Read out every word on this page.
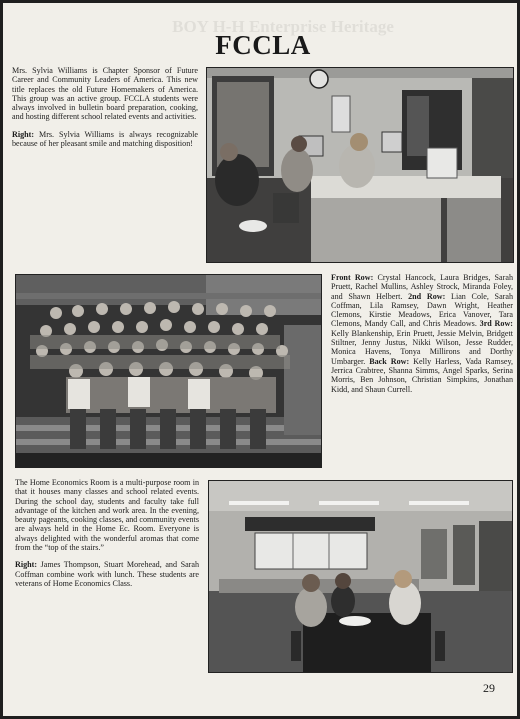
BOY H-H Enterprise Heritage
FCCLA

Mrs. Sylvia Williams is Chapter Sponsor of Future Career and Community Leaders of America. This new title replaces the old Future Homemakers of America. This group was an active group. FCCLA students were always involved in bulletin board preparation, cooking, and hosting different school related events and activities.

Right: Mrs. Sylvia Williams is always recognizable because of her pleasant smile and matching disposition!

Front Row: Crystal Hancock, Laura Bridges, Sarah Pruett, Rachel Mullins, Ashley Strock, Miranda Foley, and Shawn Helbert. 2nd Row: Lian Cole, Sarah Coffman, Lila Ramsey, Dawn Wright, Heather Clemons, Kirstie Meadows, Erica Vanover, Tara Clemons, Mandy Call, and Chris Meadows. 3rd Row: Kelly Blankenship, Erin Pruett, Jessie Melvin, Bridgett Stiltner, Jenny Justus, Nikki Wilson, Jesse Rudder, Monica Havens, Tonya Millirons and Dorthy Umbarger. Back Row: Kelly Harless, Vada Ramsey, Jerrica Crabtree, Shanna Simms, Angel Sparks, Serina Morris, Ben Johnson, Christian Simpkins, Jonathan Kidd, and Shaun Currell.

The Home Economics Room is a multi-purpose room in that it houses many classes and school related events. During the school day, students and faculty take full advantage of the kitchen and work area. In the evening, beauty pageants, cooking classes, and community events are always held in the Home Ec. Room. Everyone is always delighted with the wonderful aromas that come from the “top of the stairs.”

Right: James Thompson, Stuart Morehead, and Sarah Coffman combine work with lunch. These students are veterans of Home Economics Class.

29
